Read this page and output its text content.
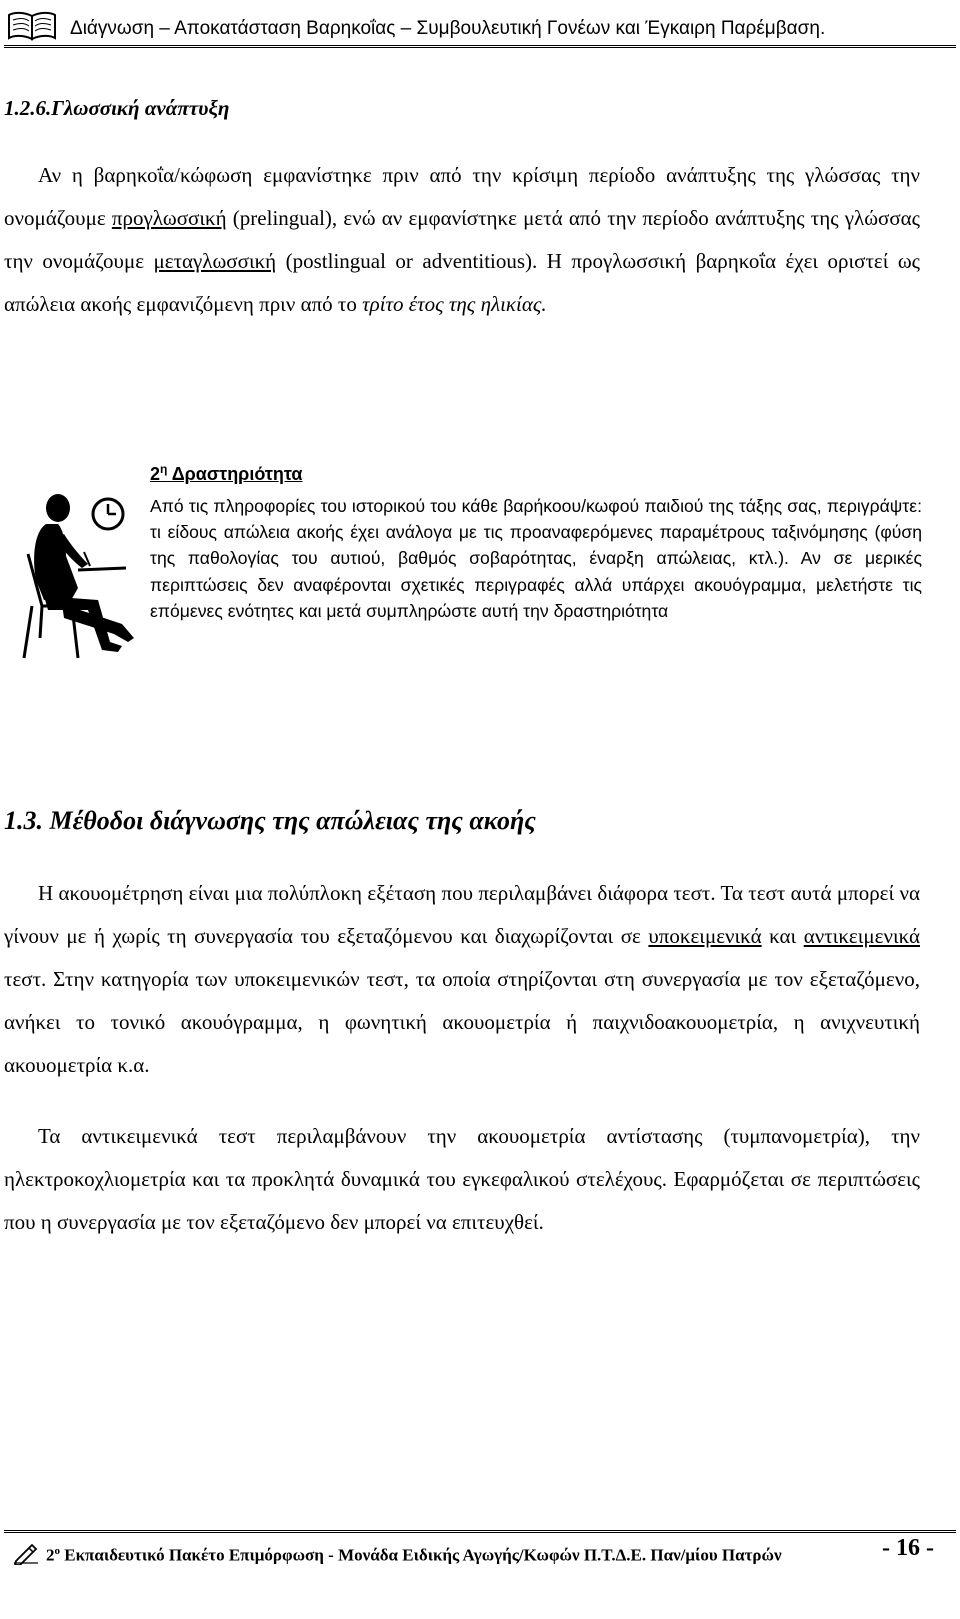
Διάγνωση – Αποκατάσταση Βαρηκοΐας – Συμβουλευτική Γονέων και Έγκαιρη Παρέμβαση.
1.2.6.Γλωσσική ανάπτυξη

Αν η βαρηκοΐα/κώφωση εμφανίστηκε πριν από την κρίσιμη περίοδο ανάπτυξης της γλώσσας την ονομάζουμε προγλωσσική (prelingual), ενώ αν εμφανίστηκε μετά από την περίοδο ανάπτυξης της γλώσσας την ονομάζουμε μεταγλωσσική (postlingual or adventitious). Η προγλωσσική βαρηκοΐα έχει οριστεί ως απώλεια ακοής εμφανιζόμενη πριν από το τρίτο έτος της ηλικίας.

$2^\eta$ Δραστηριότητα

Από τις πληροφορίες του ιστορικού του κάθε βαρήκοου/κωφού παιδιού της τάξης σας, περιγράψτε: τι είδους απώλεια ακοής έχει ανάλογα με τις προαναφερόμενες παραμέτρους ταξινόμησης (φύση της παθολογίας του αυτιού, βαθμός σοβαρότητας, έναρξη απώλειας, κτλ.). Αν σε μερικές περιπτώσεις δεν αναφέρονται σχετικές περιγραφές αλλά υπάρχει ακουόγραμμα, μελετήστε τις επόμενες ενότητες και μετά συμπληρώστε αυτή την δραστηριότητα

1.3. Μέθοδοι διάγνωσης της απώλειας της ακοής

Η ακουομέτρηση είναι μια πολύπλοκη εξέταση που περιλαμβάνει διάφορα τεστ. Τα τεστ αυτά μπορεί να γίνουν με ή χωρίς τη συνεργασία του εξεταζόμενου και διαχωρίζονται σε υποκειμενικά και αντικειμενικά τεστ. Στην κατηγορία των υποκειμενικών τεστ, τα οποία στηρίζονται στη συνεργασία με τον εξεταζόμενο, ανήκει το τονικό ακουόγραμμα, η φωνητική ακουομετρία ή παιχνιδοακουομετρία, η ανιχνευτική ακουομετρία κ.α.

Τα αντικειμενικά τεστ περιλαμβάνουν την ακουομετρία αντίστασης (τυμπανομετρία), την ηλεκτροκοχλιομετρία και τα προκλητά δυναμικά του εγκεφαλικού στελέχους. Εφαρμόζεται σε περιπτώσεις που η συνεργασία με τον εξεταζόμενο δεν μπορεί να επιτευχθεί.

$2^o$ Εκπαιδευτικό Πακέτο Επιμόρφωση - Μονάδα Ειδικής Αγωγής/Κωφών Π.Τ.Δ.Ε. Παν/μίου Πατρών	- 16 -
